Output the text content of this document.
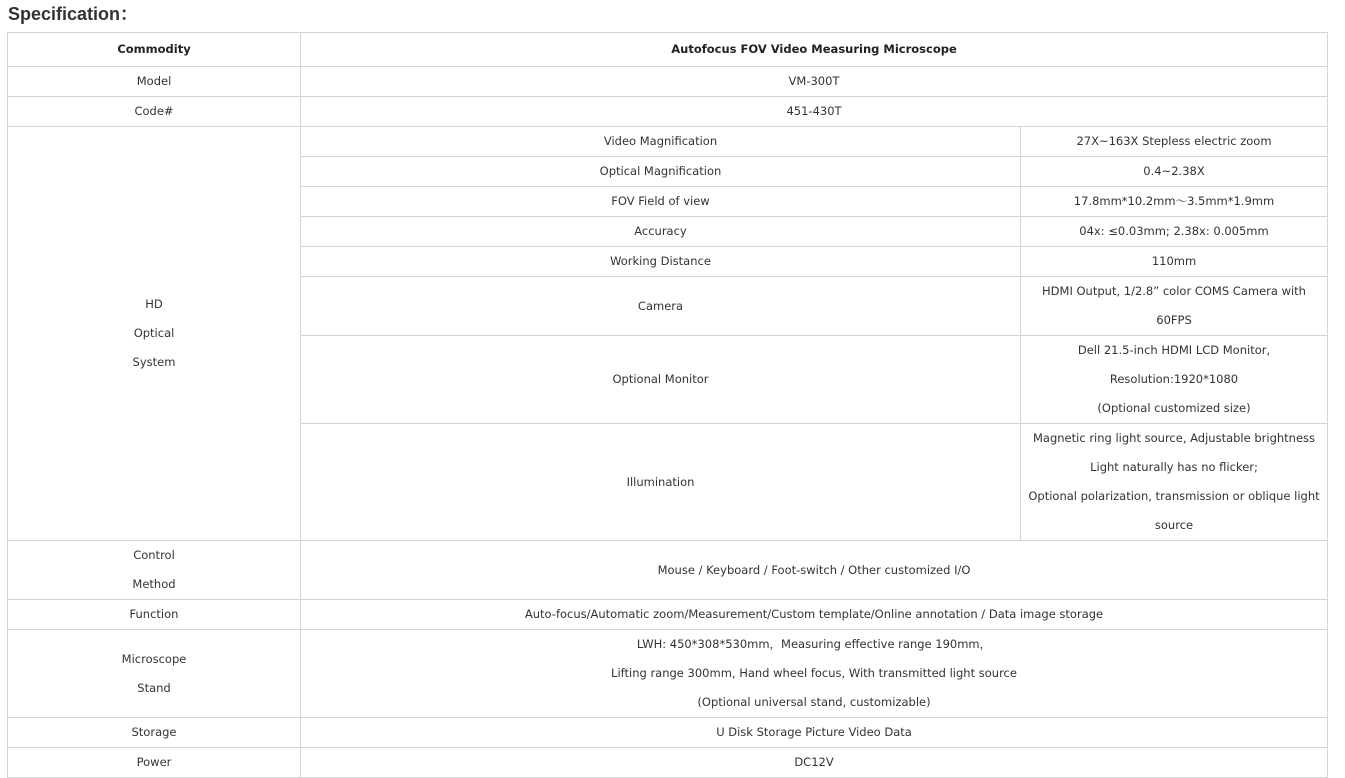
Specification：
Commodity	Autofocus FOV Video Measuring Microscope	
Model	VM-300T	
Code#	451-430T	

HD
Optical
System	Video Magnification	27X~163X Stepless electric zoom
	Optical Magnification	0.4~2.38X
	FOV Field of view	17.8mm*10.2mm～3.5mm*1.9mm
	Accuracy	04x: ≤0.03mm; 2.38x: 0.005mm
	Working Distance	110mm
	Camera	HDMI Output, 1/2.8” color COMS Camera with 60FPS
	Optional Monitor	Dell 21.5-inch HDMI LCD Monitor,
Resolution:1920*1080
(Optional customized size)

	Illumination	Magnetic ring light source, Adjustable brightness
Light naturally has no flicker;
Optional polarization, transmission or oblique light
source

Control
Method	Mouse / Keyboard / Foot-switch / Other customized I/O	
Function	Auto-focus/Automatic zoom/Measurement/Custom template/Online annotation / Data image storage	

Microscope
Stand	LWH: 450*308*530mm，Measuring effective range 190mm，
Lifting range 300mm, Hand wheel focus, With transmitted light source
(Optional universal stand, customizable)	

Storage	U Disk Storage Picture Video Data	
Power	DC12V	
